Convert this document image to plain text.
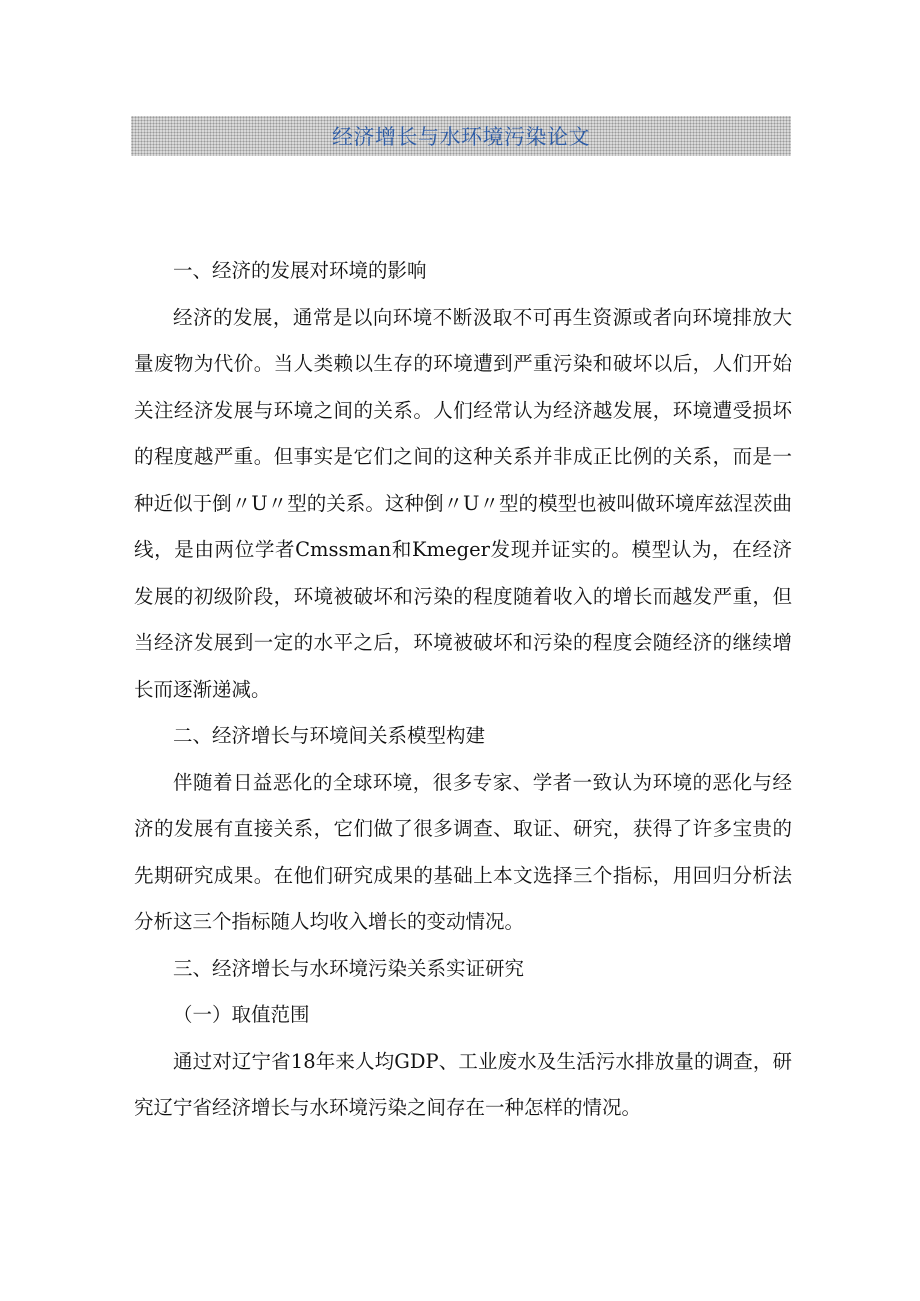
经济增长与水环境污染论文

一、经济的发展对环境的影响

经济的发展，通常是以向环境不断汲取不可再生资源或者向环境排放大量废物为代价。当人类赖以生存的环境遭到严重污染和破坏以后，人们开始关注经济发展与环境之间的关系。人们经常认为经济越发展，环境遭受损坏的程度越严重。但事实是它们之间的这种关系并非成正比例的关系，而是一种近似于倒〃U〃型的关系。这种倒〃U〃型的模型也被叫做环境库兹涅茨曲线，是由两位学者Cmssman和Kmeger发现并证实的。模型认为，在经济发展的初级阶段，环境被破坏和污染的程度随着收入的增长而越发严重，但当经济发展到一定的水平之后，环境被破坏和污染的程度会随经济的继续增长而逐渐递减。

二、经济增长与环境间关系模型构建

伴随着日益恶化的全球环境，很多专家、学者一致认为环境的恶化与经济的发展有直接关系，它们做了很多调查、取证、研究，获得了许多宝贵的先期研究成果。在他们研究成果的基础上本文选择三个指标，用回归分析法分析这三个指标随人均收入增长的变动情况。

三、经济增长与水环境污染关系实证研究

（一）取值范围

通过对辽宁省18年来人均GDP、工业废水及生活污水排放量的调查，研究辽宁省经济增长与水环境污染之间存在一种怎样的情况。
